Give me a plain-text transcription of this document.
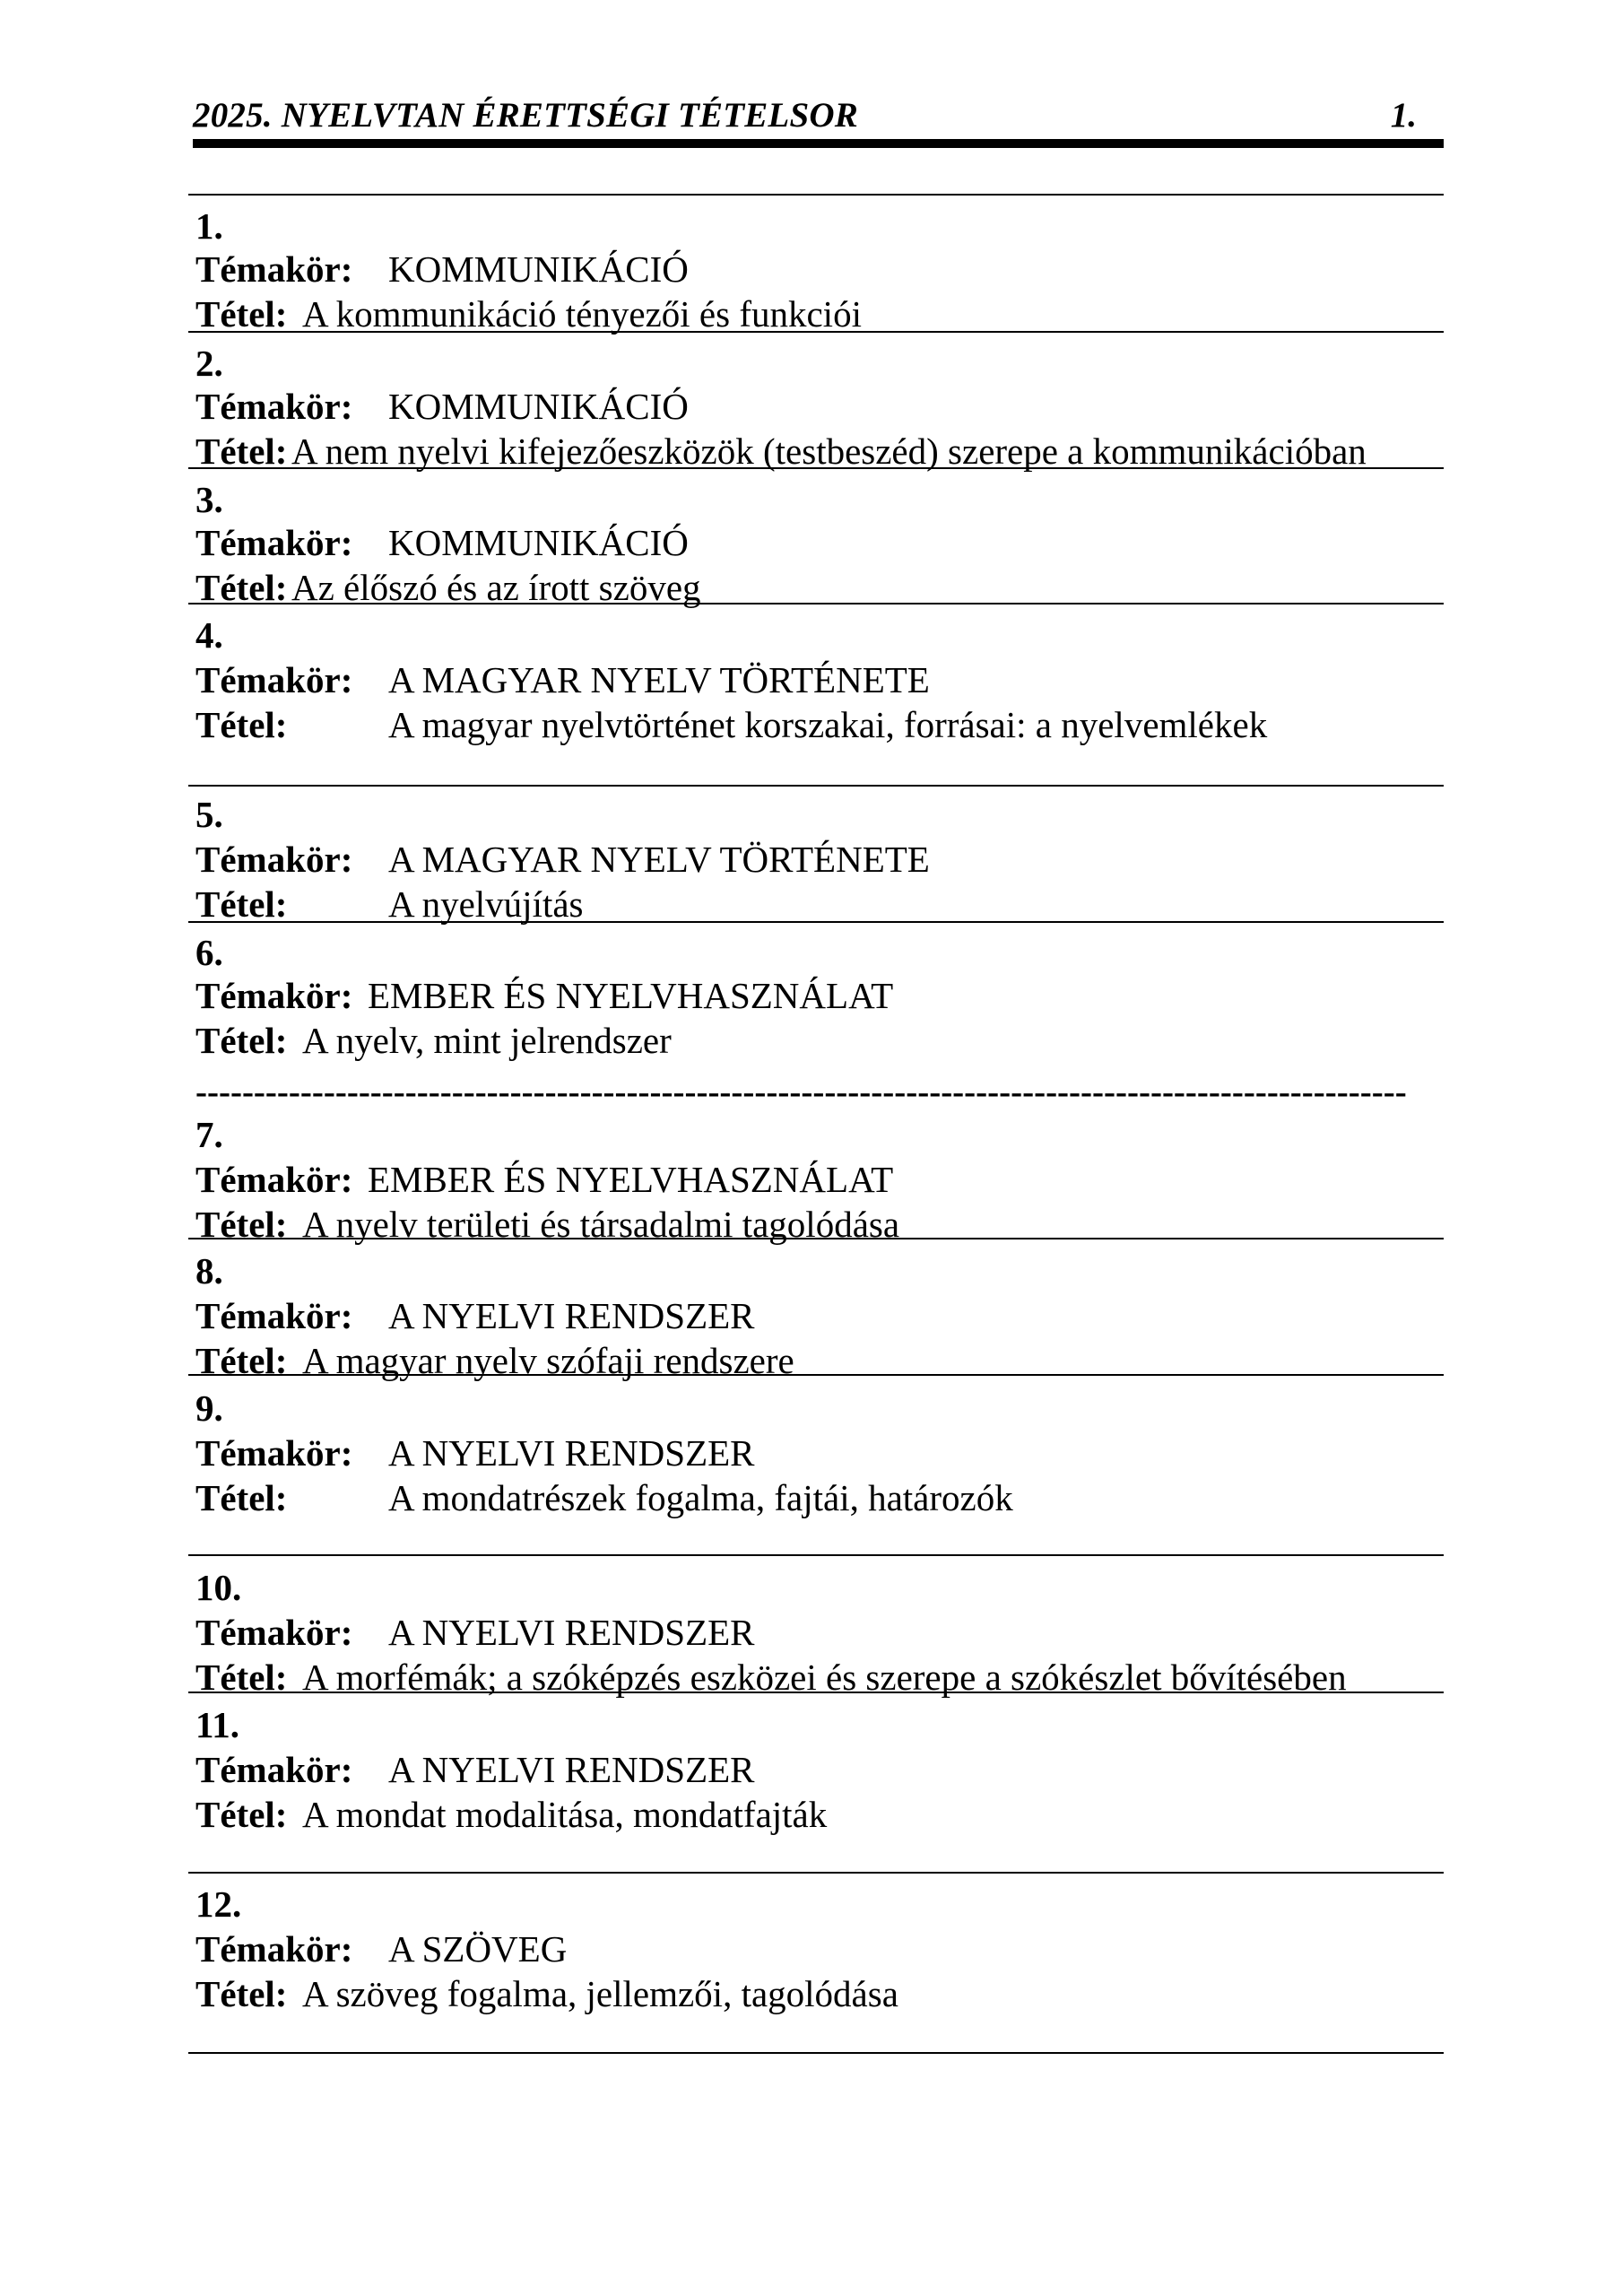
2025. NYELVTAN ÉRETTSÉGI TÉTELSOR	1.
1.
Témakör: KOMMUNIKÁCIÓ
Tétel: A kommunikáció tényezői és funkciói
2.
Témakör: KOMMUNIKÁCIÓ
Tétel: A nem nyelvi kifejezőeszközök (testbeszéd) szerepe a kommunikációban
3.
Témakör: KOMMUNIKÁCIÓ
Tétel: Az élőszó és az írott szöveg
4.
Témakör: A MAGYAR NYELV TÖRTÉNETE
Tétel:	A magyar nyelvtörténet korszakai, forrásai: a nyelvemlékek
5.
Témakör: A MAGYAR NYELV TÖRTÉNETE
Tétel:	A nyelvújítás
6.
Témakör: EMBER ÉS NYELVHASZNÁLAT
Tétel: A nyelv, mint jelrendszer
7.
Témakör: EMBER ÉS NYELVHASZNÁLAT
Tétel: A nyelv területi és társadalmi tagolódása
8.
Témakör: A NYELVI RENDSZER
Tétel: A magyar nyelv szófaji rendszere
9.
Témakör: A NYELVI RENDSZER
Tétel:	A mondatrészek fogalma, fajtái, határozók
10.
Témakör: A NYELVI RENDSZER
Tétel: A morfémák; a szóképzés eszközei és szerepe a szókészlet bővítésében
11.
Témakör: A NYELVI RENDSZER
Tétel: A mondat modalitása, mondatfajták
12.
Témakör: A SZÖVEG
Tétel: A szöveg fogalma, jellemzői, tagolódása
--------------------------------------------------------------------------------------------------------
